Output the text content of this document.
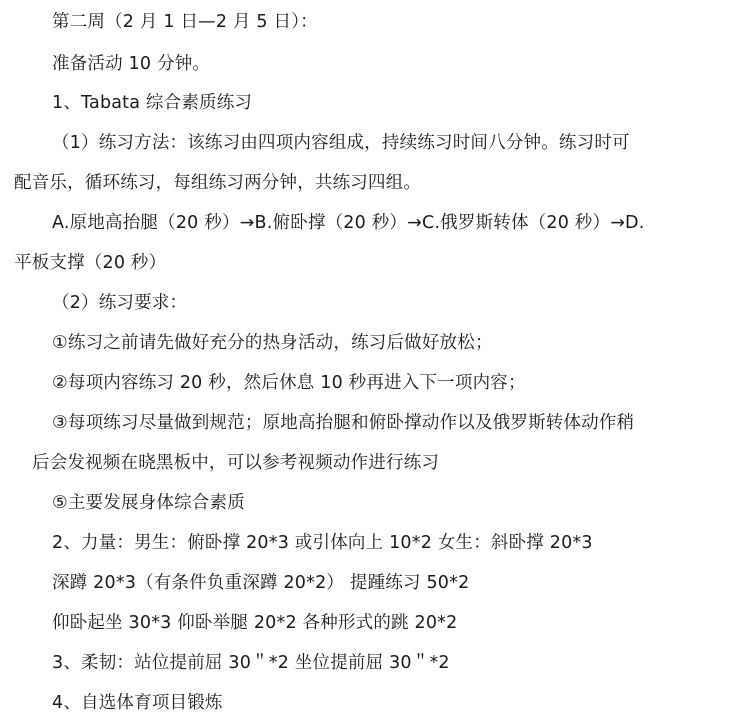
第二周（2 月 1 日—2 月 5 日）：
准备活动 10 分钟。
1、Tabata 综合素质练习
（1）练习方法：该练习由四项内容组成，持续练习时间八分钟。练习时可
配音乐，循环练习，每组练习两分钟，共练习四组。
A.原地高抬腿（20 秒）→B.俯卧撑（20 秒）→C.俄罗斯转体（20 秒）→D.
平板支撑（20 秒）
（2）练习要求：
①练习之前请先做好充分的热身活动，练习后做好放松；
②每项内容练习 20 秒，然后休息 10 秒再进入下一项内容；
③每项练习尽量做到规范；原地高抬腿和俯卧撑动作以及俄罗斯转体动作稍
后会发视频在晓黑板中，可以参考视频动作进行练习
⑤主要发展身体综合素质
2、力量：男生：俯卧撑 20*3 或引体向上 10*2 女生：斜卧撑 20*3
深蹲 20*3（有条件负重深蹲 20*2） 提踵练习 50*2
仰卧起坐 30*3 仰卧举腿 20*2 各种形式的跳 20*2
3、柔韧：站位提前屈 30＂*2 坐位提前屈 30＂*2
4、自选体育项目锻炼
